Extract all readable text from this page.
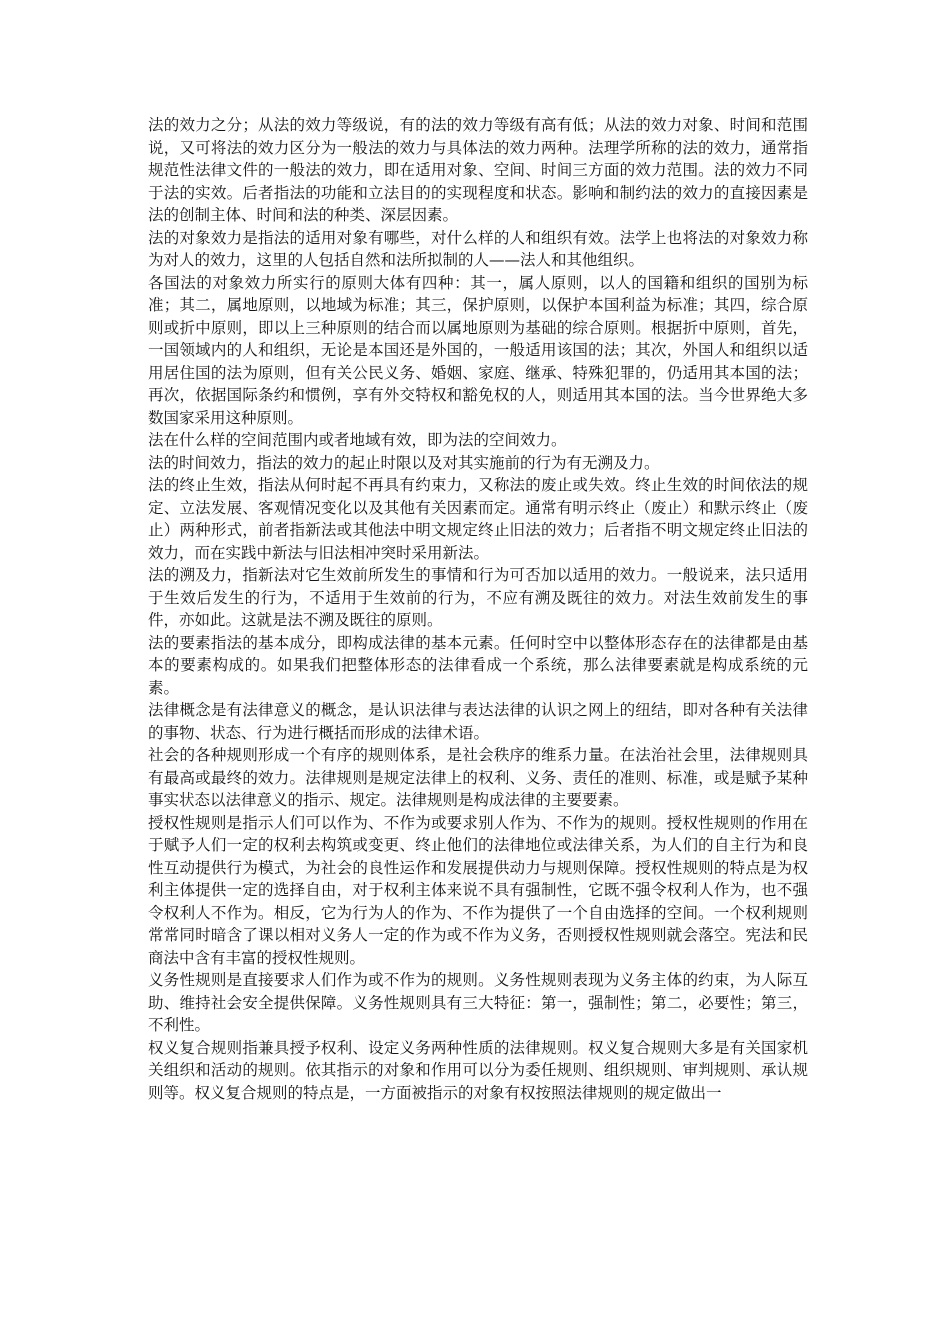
法的效力之分；从法的效力等级说，有的法的效力等级有高有低；从法的效力对象、时间和范围说，又可将法的效力区分为一般法的效力与具体法的效力两种。法理学所称的法的效力，通常指规范性法律文件的一般法的效力，即在适用对象、空间、时间三方面的效力范围。法的效力不同于法的实效。后者指法的功能和立法目的的实现程度和状态。影响和制约法的效力的直接因素是法的创制主体、时间和法的种类、深层因素。

法的对象效力是指法的适用对象有哪些，对什么样的人和组织有效。法学上也将法的对象效力称为对人的效力，这里的人包括自然和法所拟制的人——法人和其他组织。

各国法的对象效力所实行的原则大体有四种：其一，属人原则，以人的国籍和组织的国别为标准；其二，属地原则，以地域为标准；其三，保护原则，以保护本国利益为标准；其四，综合原则或折中原则，即以上三种原则的结合而以属地原则为基础的综合原则。根据折中原则，首先，一国领域内的人和组织，无论是本国还是外国的，一般适用该国的法；其次，外国人和组织以适用居住国的法为原则，但有关公民义务、婚姻、家庭、继承、特殊犯罪的，仍适用其本国的法；再次，依据国际条约和惯例，享有外交特权和豁免权的人，则适用其本国的法。当今世界绝大多数国家采用这种原则。

法在什么样的空间范围内或者地域有效，即为法的空间效力。

法的时间效力，指法的效力的起止时限以及对其实施前的行为有无溯及力。

法的终止生效，指法从何时起不再具有约束力，又称法的废止或失效。终止生效的时间依法的规定、立法发展、客观情况变化以及其他有关因素而定。通常有明示终止（废止）和默示终止（废止）两种形式，前者指新法或其他法中明文规定终止旧法的效力；后者指不明文规定终止旧法的效力，而在实践中新法与旧法相冲突时采用新法。

法的溯及力，指新法对它生效前所发生的事情和行为可否加以适用的效力。一般说来，法只适用于生效后发生的行为，不适用于生效前的行为，不应有溯及既往的效力。对法生效前发生的事件，亦如此。这就是法不溯及既往的原则。

法的要素指法的基本成分，即构成法律的基本元素。任何时空中以整体形态存在的法律都是由基本的要素构成的。如果我们把整体形态的法律看成一个系统，那么法律要素就是构成系统的元素。

法律概念是有法律意义的概念，是认识法律与表达法律的认识之网上的纽结，即对各种有关法律的事物、状态、行为进行概括而形成的法律术语。

社会的各种规则形成一个有序的规则体系，是社会秩序的维系力量。在法治社会里，法律规则具有最高或最终的效力。法律规则是规定法律上的权利、义务、责任的准则、标准，或是赋予某种事实状态以法律意义的指示、规定。法律规则是构成法律的主要要素。

授权性规则是指示人们可以作为、不作为或要求别人作为、不作为的规则。授权性规则的作用在于赋予人们一定的权利去构筑或变更、终止他们的法律地位或法律关系，为人们的自主行为和良性互动提供行为模式，为社会的良性运作和发展提供动力与规则保障。授权性规则的特点是为权利主体提供一定的选择自由，对于权利主体来说不具有强制性，它既不强令权利人作为，也不强令权利人不作为。相反，它为行为人的作为、不作为提供了一个自由选择的空间。一个权利规则常常同时暗含了课以相对义务人一定的作为或不作为义务，否则授权性规则就会落空。宪法和民商法中含有丰富的授权性规则。

义务性规则是直接要求人们作为或不作为的规则。义务性规则表现为义务主体的约束，为人际互助、维持社会安全提供保障。义务性规则具有三大特征：第一，强制性；第二，必要性；第三，不利性。

权义复合规则指兼具授予权利、设定义务两种性质的法律规则。权义复合规则大多是有关国家机关组织和活动的规则。依其指示的对象和作用可以分为委任规则、组织规则、审判规则、承认规则等。权义复合规则的特点是，一方面被指示的对象有权按照法律规则的规定做出一
